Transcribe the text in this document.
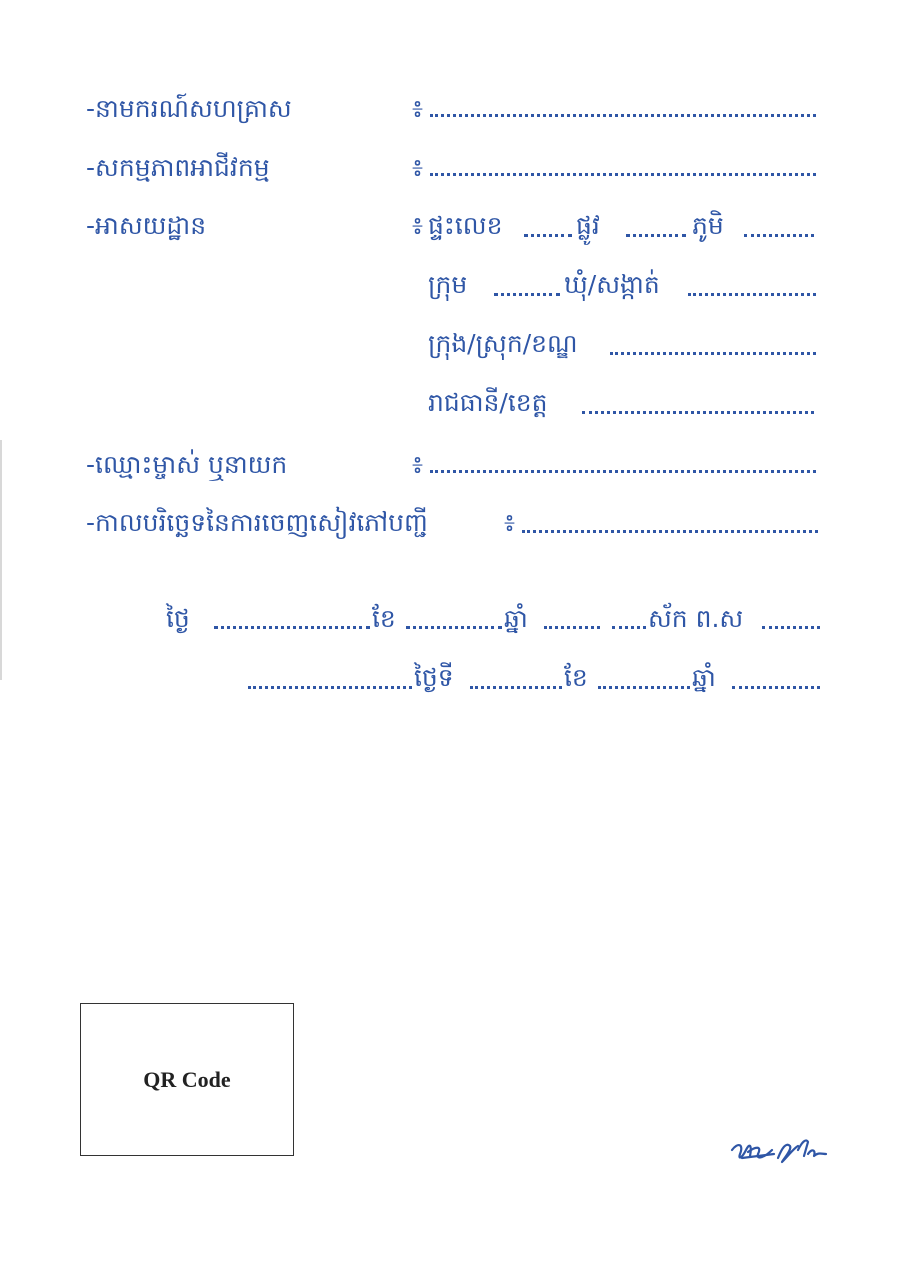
-នាមករណ៍សហគ្រាស	៖
-សកម្មភាពអាជីវកម្ម	៖
-អាសយដ្ឋាន	៖ ផ្ទះលេខ	ផ្លូវ	ភូមិ
ក្រុម	ឃុំ/សង្កាត់
ក្រុង/ស្រុក/ខណ្ឌ
រាជធានី/ខេត្ត
-ឈ្មោះម្ចាស់ ឬនាយក	៖
-កាលបរិច្ឆេទនៃការចេញសៀវភៅបញ្ជី	៖
ថ្ងៃ	ខែ	ឆ្នាំ	ស័ក ព.ស
ថ្ងៃទី	ខែ	ឆ្នាំ
QR Code
